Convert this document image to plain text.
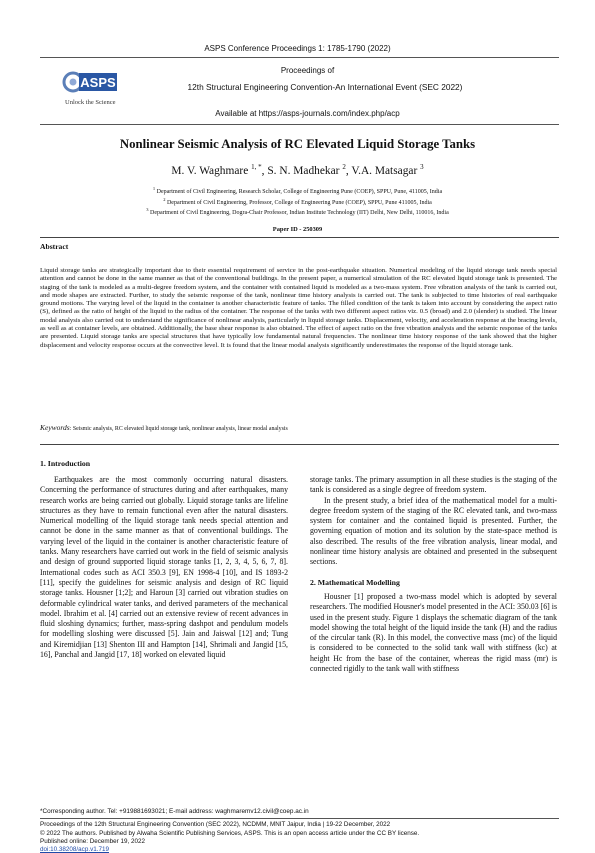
ASPS Conference Proceedings 1: 1785-1790 (2022)
ASPS
Unlock the Science
Proceedings of
12th Structural Engineering Convention-An International Event (SEC 2022)
Available at https://asps-journals.com/index.php/acp
Nonlinear Seismic Analysis of RC Elevated Liquid Storage Tanks
M. V. Waghmare $^{1, *}$, S. N. Madhekar $^2$, V.A. Matsagar $^3$
$^1$ Department of Civil Engineering, Research Scholar, College of Engineering Pune (COEP), SPPU, Pune, 411005, India
$^2$ Department of Civil Engineering, Professor, College of Engineering Pune (COEP), SPPU, Pune 411005, India
$^3$ Department of Civil Engineering, Dogra-Chair Professor, Indian Institute Technology (IIT) Delhi, New Delhi, 110016, India
Paper ID - 250309
Abstract
Liquid storage tanks are strategically important due to their essential requirement of service in the post-earthquake situation. Numerical modeling of the liquid storage tank needs special attention and cannot be done in the same manner as that of the conventional buildings. In the present paper, a numerical simulation of the RC elevated liquid storage tank is presented. The staging of the tank is modeled as a multi-degree freedom system, and the container with contained liquid is modeled as a two-mass system. Free vibration analysis of the tank is carried out, and mode shapes are extracted. Further, to study the seismic response of the tank, nonlinear time history analysis is carried out. The tank is subjected to time histories of real earthquake ground motions. The varying level of the liquid in the container is another characteristic feature of tanks. The filled condition of the tank is taken into account by considering the aspect ratio (S), defined as the ratio of height of the liquid to the radius of the container. The response of the tanks with two different aspect ratios viz. 0.5 (broad) and 2.0 (slender) is studied. The linear modal analysis also carried out to understand the significance of nonlinear analysis, particularly in liquid storage tanks. Displacement, velocity, and acceleration response at the bracing levels, as well as at container levels, are obtained. Additionally, the base shear response is also obtained. The effect of aspect ratio on the free vibration analysis and the seismic response of the tanks are presented. Liquid storage tanks are special structures that have typically low fundamental natural frequencies. The nonlinear time history response of the tank showed that the higher displacement and velocity response occurs at the convective level. It is found that the linear modal analysis significantly underestimates the response of the liquid storage tank.
Keywords: Seismic analysis, RC elevated liquid storage tank, nonlinear analysis, linear modal analysis
1. Introduction

Earthquakes are the most commonly occurring natural disasters. Concerning the performance of structures during and after earthquakes, many research works are being carried out globally. Liquid storage tanks are lifeline structures as they have to remain functional even after the natural disasters. Numerical modelling of the liquid storage tank needs special attention and cannot be done in the same manner as that of conventional buildings. The varying level of the liquid in the container is another characteristic feature of tanks. Many researchers have carried out work in the field of seismic analysis and design of ground supported liquid storage tanks [1, 2, 3, 4, 5, 6, 7, 8]. International codes such as ACI 350.3 [9], EN 1998-4 [10], and IS 1893-2 [11], specify the guidelines for seismic analysis and design of RC liquid storage tanks. Housner [1;2]; and Haroun [3] carried out vibration studies on deformable cylindrical water tanks, and derived parameters of the mechanical model. Ibrahim et al. [4] carried out an extensive review of recent advances in fluid sloshing dynamics; further, mass-spring dashpot and pendulum models for modelling sloshing were discussed [5]. Jain and Jaiswal [12] and; Tung and Kiremidjian [13] Shenton III and Hampton [14], Shrimali and Jangid [15, 16], Panchal and Jangid [17, 18] worked on elevated liquid

storage tanks. The primary assumption in all these studies is the staging of the tank is considered as a single degree of freedom system.

In the present study, a brief idea of the mathematical model for a multi-degree freedom system of the staging of the RC elevated tank, and two-mass system for container and the contained liquid is presented. Further, the governing equation of motion and its solution by the state-space method is also described. The results of the free vibration analysis, linear modal, and nonlinear time history analysis are obtained and presented in the subsequent sections.

2. Mathematical Modelling

Housner [1] proposed a two-mass model which is adopted by several researchers. The modified Housner's model presented in the ACI: 350.03 [6] is used in the present study. Figure 1 displays the schematic diagram of the tank model showing the total height of the liquid inside the tank (H) and the radius of the circular tank (R). In this model, the convective mass (mc) of the liquid is considered to be connected to the solid tank wall with stiffness (kc) at height Hc from the base of the container, whereas the rigid mass (mr) is connected rigidly to the tank wall with stiffness

*Corresponding author. Tel: +919881693021; E-mail address: waghmaremv12.civil@coep.ac.in
Proceedings of the 12th Structural Engineering Convention (SEC 2022), NCDMM, MNIT Jaipur, India | 19-22 December, 2022
© 2022 The authors. Published by Alwaha Scientific Publishing Services, ASPS. This is an open access article under the CC BY license.
Published online: December 19, 2022
doi:10.38208/acp.v1.719
